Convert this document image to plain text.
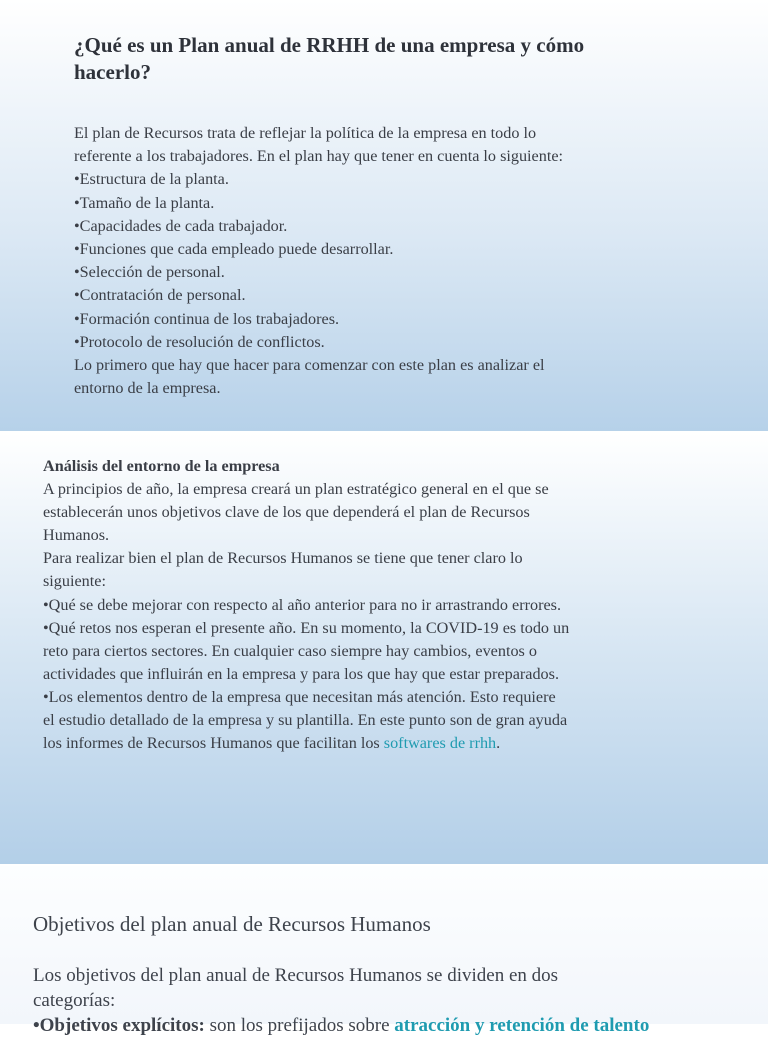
¿Qué es un Plan anual de RRHH de una empresa y cómo
hacerlo?
El plan de Recursos trata de reflejar la política de la empresa en todo lo
referente a los trabajadores. En el plan hay que tener en cuenta lo siguiente:
•Estructura de la planta.
•Tamaño de la planta.
•Capacidades de cada trabajador.
•Funciones que cada empleado puede desarrollar.
•Selección de personal.
•Contratación de personal.
•Formación continua de los trabajadores.
•Protocolo de resolución de conflictos.
Lo primero que hay que hacer para comenzar con este plan es analizar el
entorno de la empresa.
Análisis del entorno de la empresa
A principios de año, la empresa creará un plan estratégico general en el que se
establecerán unos objetivos clave de los que dependerá el plan de Recursos
Humanos.
Para realizar bien el plan de Recursos Humanos se tiene que tener claro lo
siguiente:
•Qué se debe mejorar con respecto al año anterior para no ir arrastrando errores.
•Qué retos nos esperan el presente año. En su momento, la COVID-19 es todo un
reto para ciertos sectores. En cualquier caso siempre hay cambios, eventos o
actividades que influirán en la empresa y para los que hay que estar preparados.
•Los elementos dentro de la empresa que necesitan más atención. Esto requiere
el estudio detallado de la empresa y su plantilla. En este punto son de gran ayuda
los informes de Recursos Humanos que facilitan los softwares de rrhh.
Objetivos del plan anual de Recursos Humanos
Los objetivos del plan anual de Recursos Humanos se dividen en dos
categorías:
•Objetivos explícitos: son los prefijados sobre atracción y retención de talento
